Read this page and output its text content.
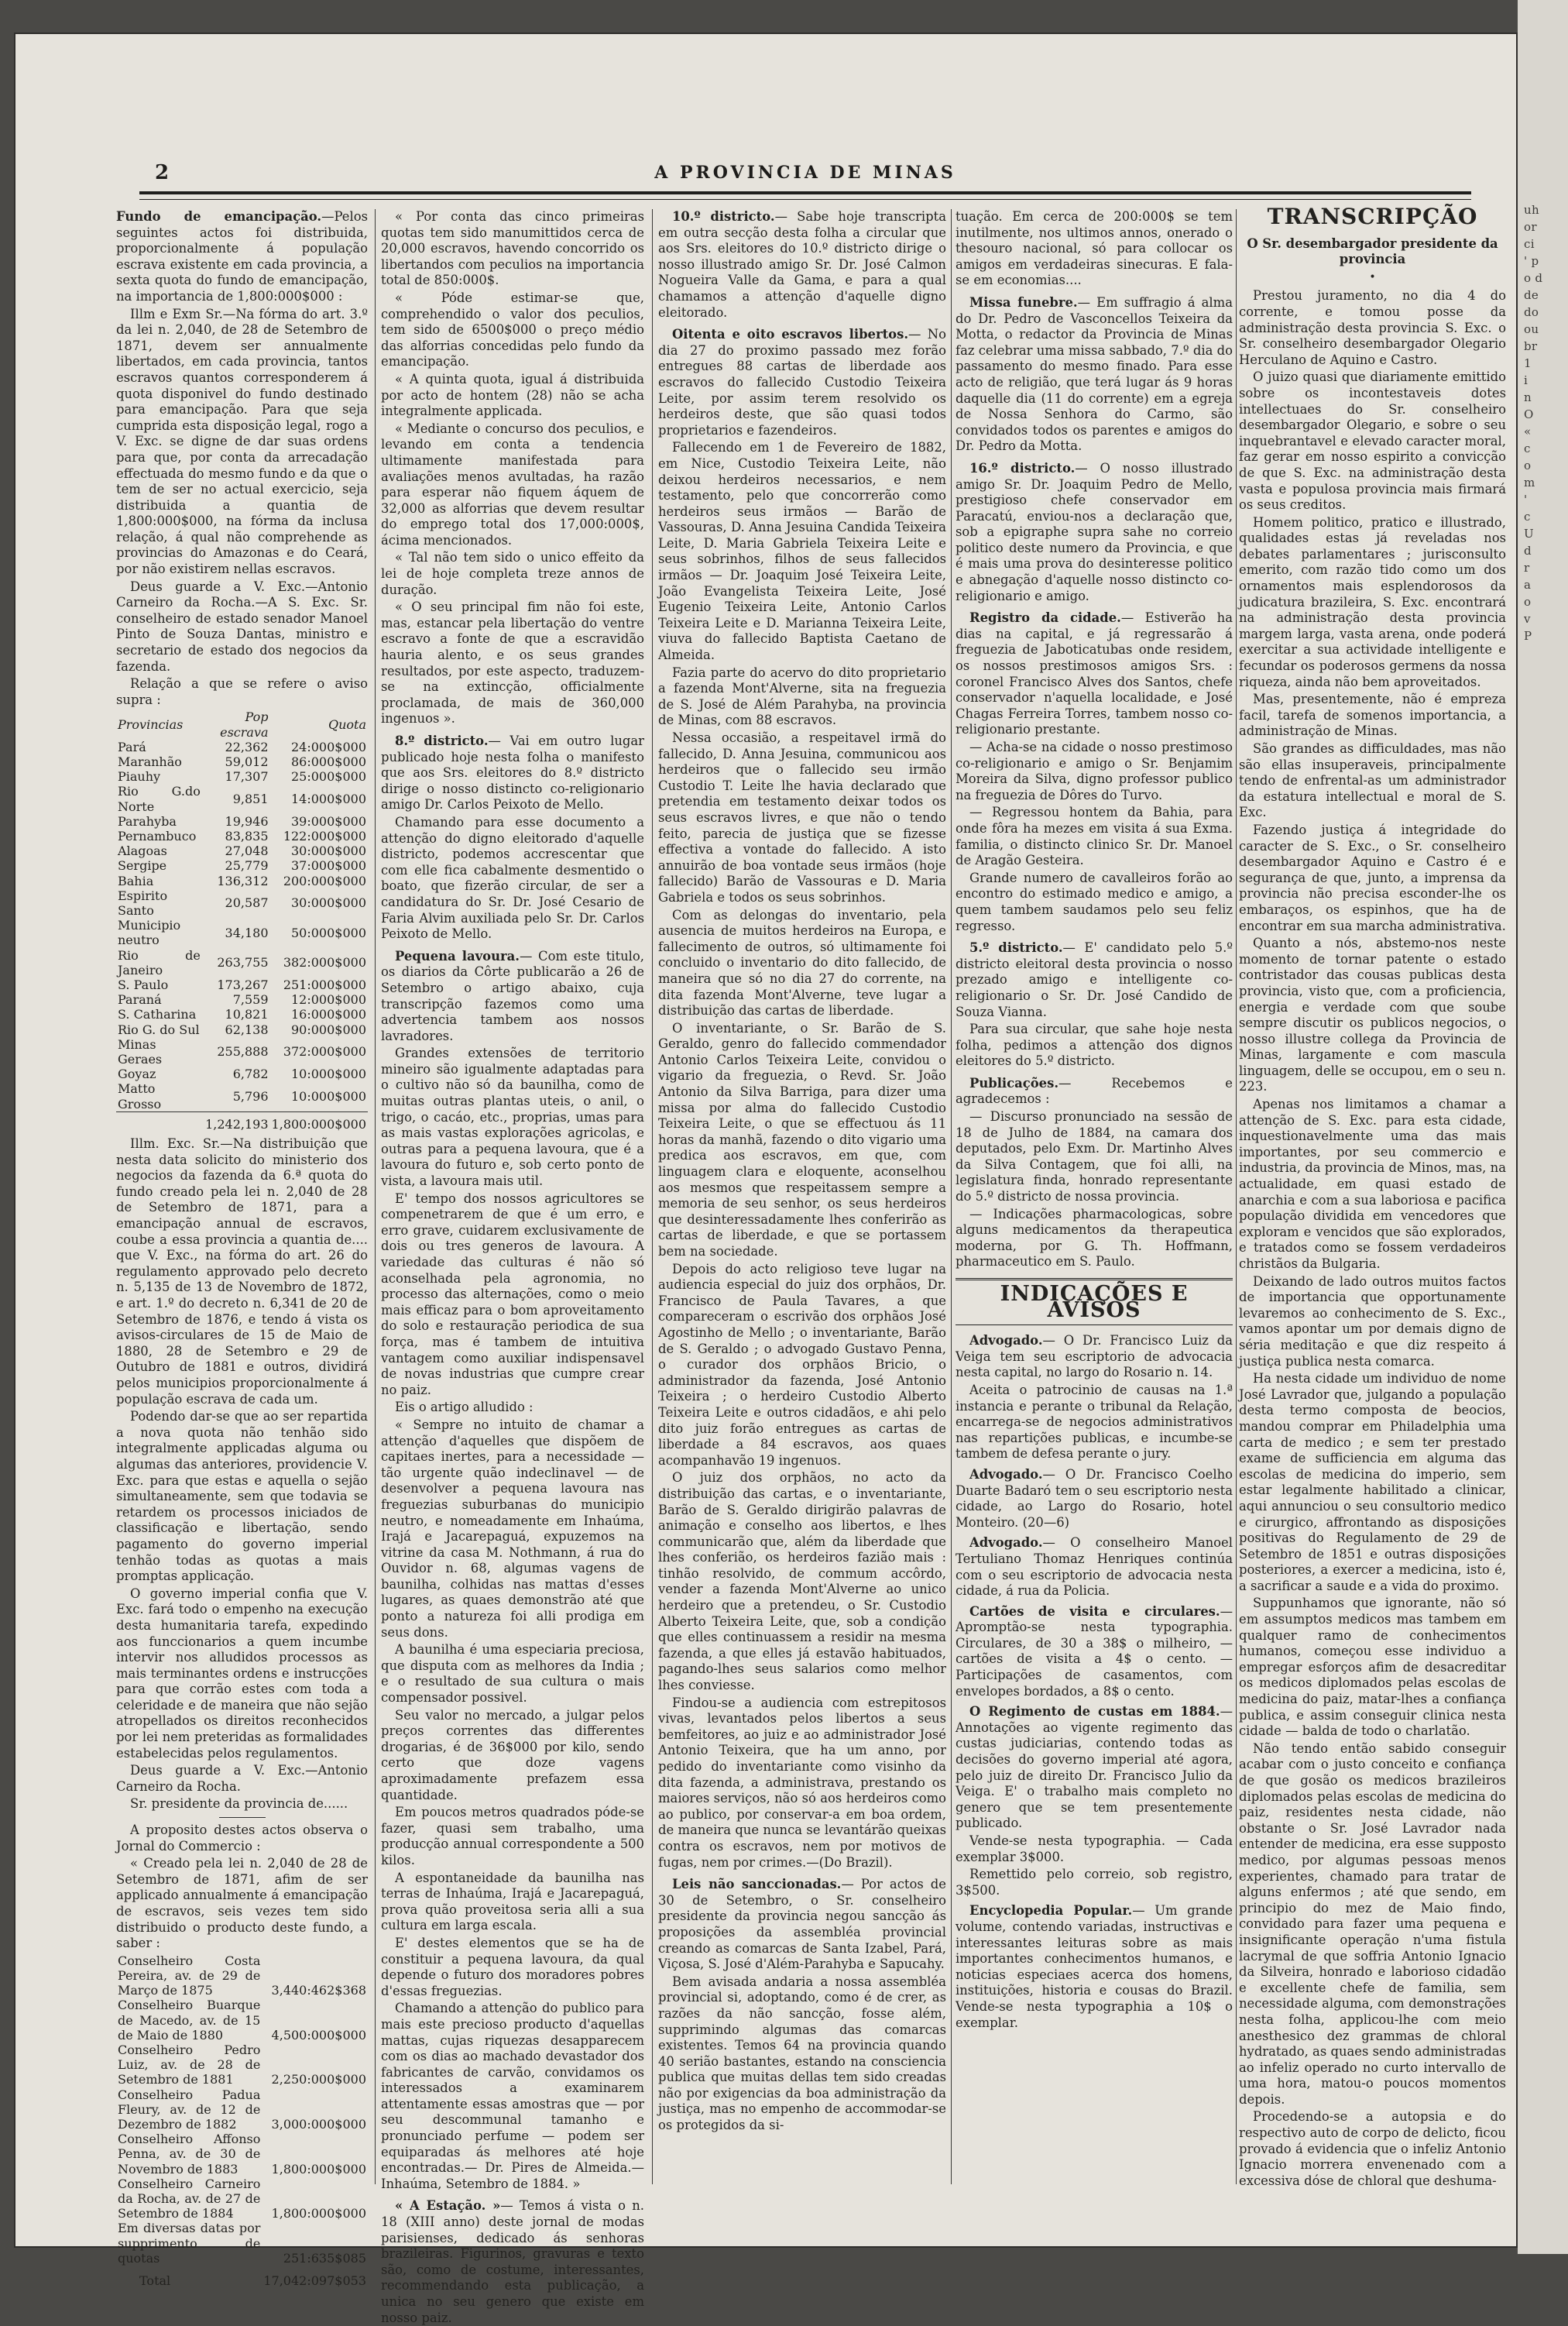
uh
or
ci
' p
o d
de
do
ou
br
1
i
n
O
«
c
o
m
'
c
U
d
r
a
o
v
P
2	A PROVINCIA DE MINAS

Fundo de emancipação.—Pelos seguintes actos foi distribuida, proporcionalmente á população escrava existente em cada provincia, a sexta quota do fundo de emancipação, na importancia de 1,800:000$000 :

Illm e Exm Sr.—Na fórma do art. 3.º da lei n. 2,040, de 28 de Setembro de 1871, devem ser annualmente libertados, em cada provincia, tantos escravos quantos corresponderem á quota disponivel do fundo destinado para emancipação. Para que seja cumprida esta disposição legal, rogo a V. Exc. se digne de dar suas ordens para que, por conta da arrecadação effectuada do mesmo fundo e da que o tem de ser no actual exercicio, seja distribuida a quantia de 1,800:000$000, na fórma da inclusa relação, á qual não comprehende as provincias do Amazonas e do Ceará, por não existirem nellas escravos.

Deus guarde a V. Exc.—Antonio Carneiro da Rocha.—A S. Exc. Sr. conselheiro de estado senador Manoel Pinto de Souza Dantas, ministro e secretario de estado dos negocios da fazenda.

Relação a que se refere o aviso supra :

Provincias	Pop escrava	Quota
Pará	22,362	24:000$000
Maranhão	59,012	86:000$000
Piauhy	17,307	25:000$000
Rio G.do Norte	9,851	14:000$000
Parahyba	19,946	39:000$000
Pernambuco	83,835	122:000$000
Alagoas	27,048	30:000$000
Sergipe	25,779	37:000$000
Bahia	136,312	200:000$000
Espirito Santo	20,587	30:000$000
Municipio neutro	34,180	50:000$000
Rio de Janeiro	263,755	382:000$000
S. Paulo	173,267	251:000$000
Paraná	7,559	12:000$000
S. Catharina	10,821	16:000$000
Rio G. do Sul	62,138	90:000$000
Minas Geraes	255,888	372:000$000
Goyaz	6,782	10:000$000
Matto Grosso	5,796	10:000$000
	1,242,193	1,800:000$000

Illm. Exc. Sr.—Na distribuição que nesta data solicito do ministerio dos negocios da fazenda da 6.ª quota do fundo creado pela lei n. 2,040 de 28 de Setembro de 1871, para a emancipação annual de escravos, coube a essa provincia a quantia de.... que V. Exc., na fórma do art. 26 do regulamento approvado pelo decreto n. 5,135 de 13 de Novembro de 1872, e art. 1.º do decreto n. 6,341 de 20 de Setembro de 1876, e tendo á vista os avisos-circulares de 15 de Maio de 1880, 28 de Setembro e 29 de Outubro de 1881 e outros, dividirá pelos municipios proporcionalmente á população escrava de cada um.

Podendo dar-se que ao ser repartida a nova quota não tenhão sido integralmente applicadas alguma ou algumas das anteriores, providencie V. Exc. para que estas e aquella o sejão simultaneamente, sem que todavia se retardem os processos iniciados de classificação e libertação, sendo pagamento do governo imperial tenhão todas as quotas a mais promptas applicação.

O governo imperial confia que V. Exc. fará todo o empenho na execução desta humanitaria tarefa, expedindo aos funccionarios a quem incumbe intervir nos alludidos processos as mais terminantes ordens e instrucções para que corrão estes com toda a celeridade e de maneira que não sejão atropellados os direitos reconhecidos por lei nem preteridas as formalidades estabelecidas pelos regulamentos.

Deus guarde a V. Exc.—Antonio Carneiro da Rocha.

Sr. presidente da provincia de......

A proposito destes actos observa o Jornal do Commercio :

« Creado pela lei n. 2,040 de 28 de Setembro de 1871, afim de ser applicado annualmente á emancipação de escravos, seis vezes tem sido distribuido o producto deste fundo, a saber :

Conselheiro Costa Pereira, av. de 29 de Março de 1875	3,440:462$368
Conselheiro Buarque de Macedo, av. de 15 de Maio de 1880	4,500:000$000
Conselheiro Pedro Luiz, av. de 28 de Setembro de 1881	2,250:000$000
Conselheiro Padua Fleury, av. de 12 de Dezembro de 1882	3,000:000$000
Conselheiro Affonso Penna, av. de 30 de Novembro de 1883	1,800:000$000
Conselheiro Carneiro da Rocha, av. de 27 de Setembro de 1884	1,800:000$000
Em diversas datas por supprimento de quotas	251:635$085
Total	17,042:097$053

« Por conta das cinco primeiras quotas tem sido manumittidos cerca de 20,000 escravos, havendo concorrido os libertandos com peculios na importancia total de 850:000$.

« Póde estimar-se que, comprehendido o valor dos peculios, tem sido de 6500$000 o preço médio das alforrias concedidas pelo fundo da emancipação.

« A quinta quota, igual á distribuida por acto de hontem (28) não se acha integralmente applicada.

« Mediante o concurso dos peculios, e levando em conta a tendencia ultimamente manifestada para avaliações menos avultadas, ha razão para esperar não fiquem áquem de 32,000 as alforrias que devem resultar do emprego total dos 17,000:000$, ácima mencionados.

« Tal não tem sido o unico effeito da lei de hoje completa treze annos de duração.

« O seu principal fim não foi este, mas, estancar pela libertação do ventre escravo a fonte de que a escravidão hauria alento, e os seus grandes resultados, por este aspecto, traduzem-se na extincção, officialmente proclamada, de mais de 360,000 ingenuos ».

8.º districto.— Vai em outro lugar publicado hoje nesta folha o manifesto que aos Srs. eleitores do 8.º districto dirige o nosso distincto co-religionario amigo Dr. Carlos Peixoto de Mello.

Chamando para esse documento a attenção do digno eleitorado d'aquelle districto, podemos accrescentar que com elle fica cabalmente desmentido o boato, que fizerão circular, de ser a candidatura do Sr. Dr. José Cesario de Faria Alvim auxiliada pelo Sr. Dr. Carlos Peixoto de Mello.

Pequena lavoura.— Com este titulo, os diarios da Côrte publicarão a 26 de Setembro o artigo abaixo, cuja transcripção fazemos como uma advertencia tambem aos nossos lavradores.

Grandes extensões de territorio mineiro são igualmente adaptadas para o cultivo não só da baunilha, como de muitas outras plantas uteis, o anil, o trigo, o cacáo, etc., proprias, umas para as mais vastas explorações agricolas, e outras para a pequena lavoura, que é a lavoura do futuro e, sob certo ponto de vista, a lavoura mais util.

E' tempo dos nossos agricultores se compenetrarem de que é um erro, e erro grave, cuidarem exclusivamente de dois ou tres generos de lavoura. A variedade das culturas é não só aconselhada pela agronomia, no processo das alternações, como o meio mais efficaz para o bom aproveitamento do solo e restauração periodica de sua força, mas é tambem de intuitiva vantagem como auxiliar indispensavel de novas industrias que cumpre crear no paiz.

Eis o artigo alludido :

« Sempre no intuito de chamar a attenção d'aquelles que dispõem de capitaes inertes, para a necessidade — tão urgente quão indeclinavel — de desenvolver a pequena lavoura nas freguezias suburbanas do municipio neutro, e nomeadamente em Inhaúma, Irajá e Jacarepaguá, expuzemos na vitrine da casa M. Nothmann, á rua do Ouvidor n. 68, algumas vagens de baunilha, colhidas nas mattas d'esses lugares, as quaes demonstrão até que ponto a natureza foi alli prodiga em seus dons.

A baunilha é uma especiaria preciosa, que disputa com as melhores da India ; e o resultado de sua cultura o mais compensador possivel.

Seu valor no mercado, a julgar pelos preços correntes das differentes drogarias, é de 36$000 por kilo, sendo certo que doze vagens aproximadamente prefazem essa quantidade.

Em poucos metros quadrados póde-se fazer, quasi sem trabalho, uma producção annual correspondente a 500 kilos.

A espontaneidade da baunilha nas terras de Inhaúma, Irajá e Jacarepaguá, prova quão proveitosa seria alli a sua cultura em larga escala.

E' destes elementos que se ha de constituir a pequena lavoura, da qual depende o futuro dos moradores pobres d'essas freguezias.

Chamando a attenção do publico para mais este precioso producto d'aquellas mattas, cujas riquezas desapparecem com os dias ao machado devastador dos fabricantes de carvão, convidamos os interessados a examinarem attentamente essas amostras que — por seu descommunal tamanho e pronunciado perfume — podem ser equiparadas ás melhores até hoje encontradas.— Dr. Pires de Almeida.—Inhaúma, Setembro de 1884. »

« A Estação. »— Temos á vista o n. 18 (XIII anno) deste jornal de modas parisienses, dedicado ás senhoras brazileiras. Figurinos, gravuras e texto são, como de costume, interessantes, recommendando esta publicação, a unica no seu genero que existe em nosso paiz.

10.º districto.— Sabe hoje transcripta em outra secção desta folha a circular que aos Srs. eleitores do 10.º districto dirige o nosso illustrado amigo Sr. Dr. José Calmon Nogueira Valle da Gama, e para a qual chamamos a attenção d'aquelle digno eleitorado.

Oitenta e oito escravos libertos.— No dia 27 do proximo passado mez forão entregues 88 cartas de liberdade aos escravos do fallecido Custodio Teixeira Leite, por assim terem resolvido os herdeiros deste, que são quasi todos proprietarios e fazendeiros.

Fallecendo em 1 de Fevereiro de 1882, em Nice, Custodio Teixeira Leite, não deixou herdeiros necessarios, e nem testamento, pelo que concorrerão como herdeiros seus irmãos — Barão de Vassouras, D. Anna Jesuina Candida Teixeira Leite, D. Maria Gabriela Teixeira Leite e seus sobrinhos, filhos de seus fallecidos irmãos — Dr. Joaquim José Teixeira Leite, João Evangelista Teixeira Leite, José Eugenio Teixeira Leite, Antonio Carlos Teixeira Leite e D. Marianna Teixeira Leite, viuva do fallecido Baptista Caetano de Almeida.

Fazia parte do acervo do dito proprietario a fazenda Mont'Alverne, sita na freguezia de S. José de Além Parahyba, na provincia de Minas, com 88 escravos.

Nessa occasião, a respeitavel irmã do fallecido, D. Anna Jesuina, communicou aos herdeiros que o fallecido seu irmão Custodio T. Leite lhe havia declarado que pretendia em testamento deixar todos os seus escravos livres, e que não o tendo feito, parecia de justiça que se fizesse effectiva a vontade do fallecido. A isto annuirão de boa vontade seus irmãos (hoje fallecido) Barão de Vassouras e D. Maria Gabriela e todos os seus sobrinhos.

Com as delongas do inventario, pela ausencia de muitos herdeiros na Europa, e fallecimento de outros, só ultimamente foi concluido o inventario do dito fallecido, de maneira que só no dia 27 do corrente, na dita fazenda Mont'Alverne, teve lugar a distribuição das cartas de liberdade.

O inventariante, o Sr. Barão de S. Geraldo, genro do fallecido commendador Antonio Carlos Teixeira Leite, convidou o vigario da freguezia, o Revd. Sr. João Antonio da Silva Barriga, para dizer uma missa por alma do fallecido Custodio Teixeira Leite, o que se effectuou ás 11 horas da manhã, fazendo o dito vigario uma predica aos escravos, em que, com linguagem clara e eloquente, aconselhou aos mesmos que respeitassem sempre a memoria de seu senhor, os seus herdeiros que desinteressadamente lhes conferirão as cartas de liberdade, e que se portassem bem na sociedade.

Depois do acto religioso teve lugar na audiencia especial do juiz dos orphãos, Dr. Francisco de Paula Tavares, a que compareceram o escrivão dos orphãos José Agostinho de Mello ; o inventariante, Barão de S. Geraldo ; o advogado Gustavo Penna, o curador dos orphãos Bricio, o administrador da fazenda, José Antonio Teixeira ; o herdeiro Custodio Alberto Teixeira Leite e outros cidadãos, e ahi pelo dito juiz forão entregues as cartas de liberdade a 84 escravos, aos quaes acompanhavão 19 ingenuos.

O juiz dos orphãos, no acto da distribuição das cartas, e o inventariante, Barão de S. Geraldo dirigirão palavras de animação e conselho aos libertos, e lhes communicarão que, além da liberdade que lhes conferião, os herdeiros fazião mais : tinhão resolvido, de commum accôrdo, vender a fazenda Mont'Alverne ao unico herdeiro que a pretendeu, o Sr. Custodio Alberto Teixeira Leite, que, sob a condição que elles continuassem a residir na mesma fazenda, a que elles já estavão habituados, pagando-lhes seus salarios como melhor lhes conviesse.

Findou-se a audiencia com estrepitosos vivas, levantados pelos libertos a seus bemfeitores, ao juiz e ao administrador José Antonio Teixeira, que ha um anno, por pedido do inventariante como visinho da dita fazenda, a administrava, prestando os maiores serviços, não só aos herdeiros como ao publico, por conservar-a em boa ordem, de maneira que nunca se levantárão queixas contra os escravos, nem por motivos de fugas, nem por crimes.—(Do Brazil).

Leis não sanccionadas.— Por actos de 30 de Setembro, o Sr. conselheiro presidente da provincia negou sancção ás proposições da assembléa provincial creando as comarcas de Santa Izabel, Pará, Viçosa, S. José d'Além-Parahyba e Sapucahy.

Bem avisada andaria a nossa assembléa provincial si, adoptando, como é de crer, as razões da não sancção, fosse além, supprimindo algumas das comarcas existentes. Temos 64 na provincia quando 40 serião bastantes, estando na consciencia publica que muitas dellas tem sido creadas não por exigencias da boa administração da justiça, mas no empenho de accommodar-se os protegidos da si-

tuação. Em cerca de 200:000$ se tem inutilmente, nos ultimos annos, onerado o thesouro nacional, só para collocar os amigos em verdadeiras sinecuras. E fala-se em economias....

Missa funebre.— Em suffragio á alma do Dr. Pedro de Vasconcellos Teixeira da Motta, o redactor da Provincia de Minas faz celebrar uma missa sabbado, 7.º dia do passamento do mesmo finado. Para esse acto de religião, que terá lugar ás 9 horas daquelle dia (11 do corrente) em a egreja de Nossa Senhora do Carmo, são convidados todos os parentes e amigos do Dr. Pedro da Motta.

16.º districto.— O nosso illustrado amigo Sr. Dr. Joaquim Pedro de Mello, prestigioso chefe conservador em Paracatú, enviou-nos a declaração que, sob a epigraphe supra sahe no correio politico deste numero da Provincia, e que é mais uma prova do desinteresse politico e abnegação d'aquelle nosso distincto co-religionario e amigo.

Registro da cidade.— Estiverão ha dias na capital, e já regressarão á freguezia de Jaboticatubas onde residem, os nossos prestimosos amigos Srs. : coronel Francisco Alves dos Santos, chefe conservador n'aquella localidade, e José Chagas Ferreira Torres, tambem nosso co-religionario prestante.

— Acha-se na cidade o nosso prestimoso co-religionario e amigo o Sr. Benjamim Moreira da Silva, digno professor publico na freguezia de Dôres do Turvo.

— Regressou hontem da Bahia, para onde fôra ha mezes em visita á sua Exma. familia, o distincto clinico Sr. Dr. Manoel de Aragão Gesteira.

Grande numero de cavalleiros forão ao encontro do estimado medico e amigo, a quem tambem saudamos pelo seu feliz regresso.

5.º districto.— E' candidato pelo 5.º districto eleitoral desta provincia o nosso prezado amigo e intelligente co-religionario o Sr. Dr. José Candido de Souza Vianna.

Para sua circular, que sahe hoje nesta folha, pedimos a attenção dos dignos eleitores do 5.º districto.

Publicações.— Recebemos e agradecemos :

— Discurso pronunciado na sessão de 18 de Julho de 1884, na camara dos deputados, pelo Exm. Dr. Martinho Alves da Silva Contagem, que foi alli, na legislatura finda, honrado representante do 5.º districto de nossa provincia.

— Indicações pharmacologicas, sobre alguns medicamentos da therapeutica moderna, por G. Th. Hoffmann, pharmaceutico em S. Paulo.

INDICAÇÕES E AVISOS

Advogado.— O Dr. Francisco Luiz da Veiga tem seu escriptorio de advocacia nesta capital, no largo do Rosario n. 14.

Aceita o patrocinio de causas na 1.ª instancia e perante o tribunal da Relação, encarrega-se de negocios administrativos nas repartições publicas, e incumbe-se tambem de defesa perante o jury.

Advogado.— O Dr. Francisco Coelho Duarte Badaró tem o seu escriptorio nesta cidade, ao Largo do Rosario, hotel Monteiro. (20—6)

Advogado.— O conselheiro Manoel Tertuliano Thomaz Henriques continúa com o seu escriptorio de advocacia nesta cidade, á rua da Policia.

Cartões de visita e circulares.— Apromptão-se nesta typographia. Circulares, de 30 a 38$ o milheiro, — cartões de visita a 4$ o cento. — Participações de casamentos, com envelopes bordados, a 8$ o cento.

O Regimento de custas em 1884.— Annotações ao vigente regimento das custas judiciarias, contendo todas as decisões do governo imperial até agora, pelo juiz de direito Dr. Francisco Julio da Veiga. E' o trabalho mais completo no genero que se tem presentemente publicado.

Vende-se nesta typographia. — Cada exemplar 3$000.

Remettido pelo correio, sob registro, 3$500.

Encyclopedia Popular.— Um grande volume, contendo variadas, instructivas e interessantes leituras sobre as mais importantes conhecimentos humanos, e noticias especiaes acerca dos homens, instituições, historia e cousas do Brazil. Vende-se nesta typographia a 10$ o exemplar.

TRANSCRIPÇÃO

O Sr. desembargador presidente da provincia

•

Prestou juramento, no dia 4 do corrente, e tomou posse da administração desta provincia S. Exc. o Sr. conselheiro desembargador Olegario Herculano de Aquino e Castro.

O juizo quasi que diariamente emittido sobre os incontestaveis dotes intellectuaes do Sr. conselheiro desembargador Olegario, e sobre o seu inquebrantavel e elevado caracter moral, faz gerar em nosso espirito a convicção de que S. Exc. na administração desta vasta e populosa provincia mais firmará os seus creditos.

Homem politico, pratico e illustrado, qualidades estas já reveladas nos debates parlamentares ; jurisconsulto emerito, com razão tido como um dos ornamentos mais esplendorosos da judicatura brazileira, S. Exc. encontrará na administração desta provincia margem larga, vasta arena, onde poderá exercitar a sua actividade intelligente e fecundar os poderosos germens da nossa riqueza, ainda não bem aproveitados.

Mas, presentemente, não é empreza facil, tarefa de somenos importancia, a administração de Minas.

São grandes as difficuldades, mas não são ellas insuperaveis, principalmente tendo de enfrental-as um administrador da estatura intellectual e moral de S. Exc.

Fazendo justiça á integridade do caracter de S. Exc., o Sr. conselheiro desembargador Aquino e Castro é e segurança de que, junto, a imprensa da provincia não precisa esconder-lhe os embaraços, os espinhos, que ha de encontrar em sua marcha administrativa.

Quanto a nós, abstemo-nos neste momento de tornar patente o estado contristador das cousas publicas desta provincia, visto que, com a proficiencia, energia e verdade com que soube sempre discutir os publicos negocios, o nosso illustre collega da Provincia de Minas, largamente e com mascula linguagem, delle se occupou, em o seu n. 223.

Apenas nos limitamos a chamar a attenção de S. Exc. para esta cidade, inquestionavelmente uma das mais importantes, por seu commercio e industria, da provincia de Minos, mas, na actualidade, em quasi estado de anarchia e com a sua laboriosa e pacifica população dividida em vencedores que exploram e vencidos que são explorados, e tratados como se fossem verdadeiros christãos da Bulgaria.

Deixando de lado outros muitos factos de importancia que opportunamente levaremos ao conhecimento de S. Exc., vamos apontar um por demais digno de séria meditação e que diz respeito á justiça publica nesta comarca.

Ha nesta cidade um individuo de nome José Lavrador que, julgando a população desta termo composta de beocios, mandou comprar em Philadelphia uma carta de medico ; e sem ter prestado exame de sufficiencia em alguma das escolas de medicina do imperio, sem estar legalmente habilitado a clinicar, aqui annunciou o seu consultorio medico e cirurgico, affrontando as disposições positivas do Regulamento de 29 de Setembro de 1851 e outras disposições posteriores, a exercer a medicina, isto é, a sacrificar a saude e a vida do proximo.

Suppunhamos que ignorante, não só em assumptos medicos mas tambem em qualquer ramo de conhecimentos humanos, começou esse individuo a empregar esforços afim de desacreditar os medicos diplomados pelas escolas de medicina do paiz, matar-lhes a confiança publica, e assim conseguir clinica nesta cidade — balda de todo o charlatão.

Não tendo então sabido conseguir acabar com o justo conceito e confiança de que gosão os medicos brazileiros diplomados pelas escolas de medicina do paiz, residentes nesta cidade, não obstante o Sr. José Lavrador nada entender de medicina, era esse supposto medico, por algumas pessoas menos experientes, chamado para tratar de alguns enfermos ; até que sendo, em principio do mez de Maio findo, convidado para fazer uma pequena e insignificante operação n'uma fistula lacrymal de que soffria Antonio Ignacio da Silveira, honrado e laborioso cidadão e excellente chefe de familia, sem necessidade alguma, com demonstrações nesta folha, applicou-lhe com meio anesthesico dez grammas de chloral hydratado, as quaes sendo administradas ao infeliz operado no curto intervallo de uma hora, matou-o poucos momentos depois.

Procedendo-se a autopsia e do respectivo auto de corpo de delicto, ficou provado á evidencia que o infeliz Antonio Ignacio morrera envenenado com a excessiva dóse de chloral que deshuma-
